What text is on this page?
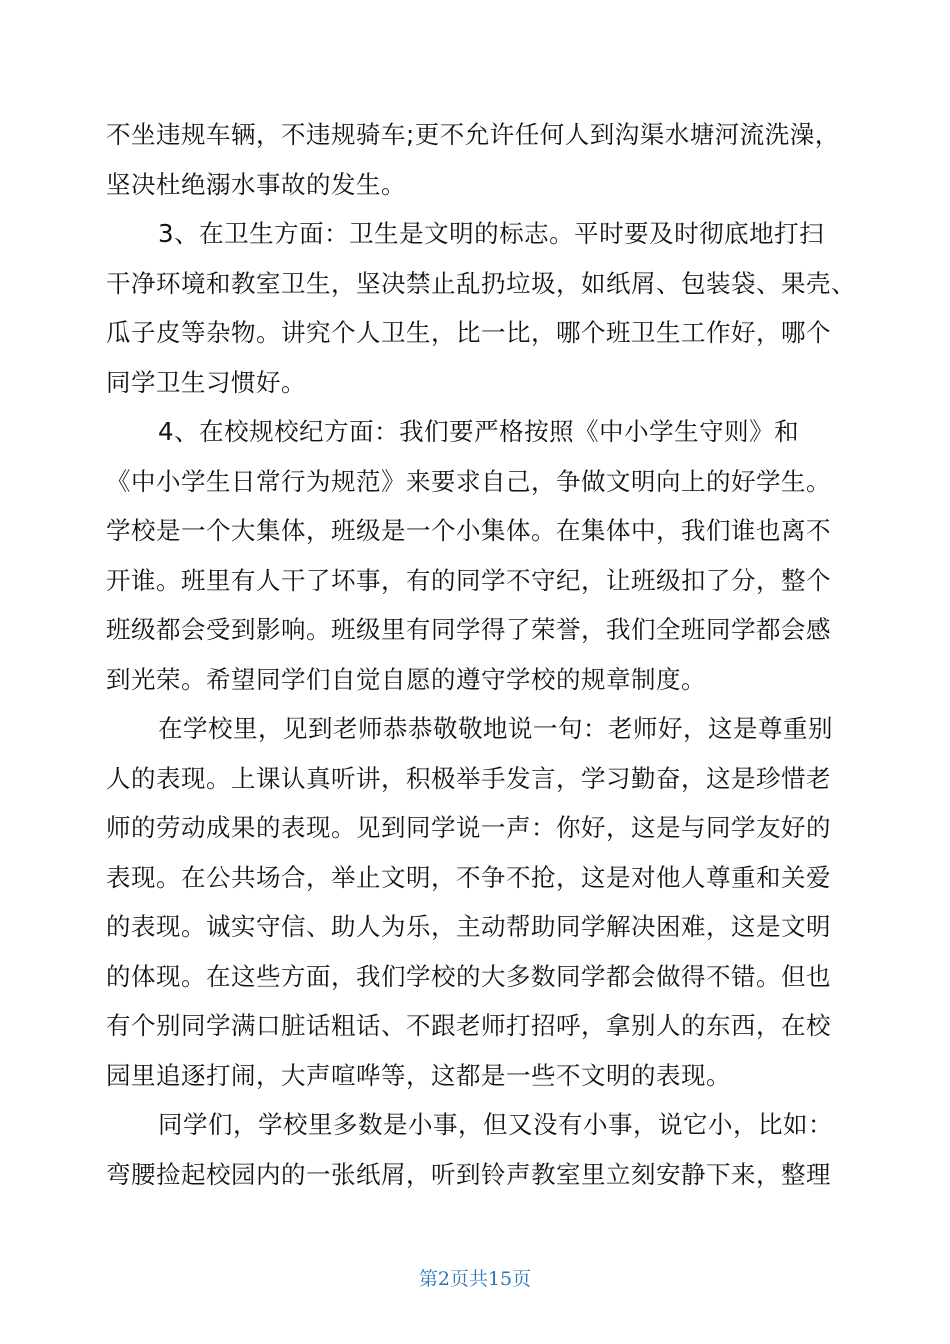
不坐违规车辆，不违规骑车;更不允许任何人到沟渠水塘河流洗澡，
坚决杜绝溺水事故的发生。
3、在卫生方面：卫生是文明的标志。平时要及时彻底地打扫
干净环境和教室卫生，坚决禁止乱扔垃圾，如纸屑、包装袋、果壳、
瓜子皮等杂物。讲究个人卫生，比一比，哪个班卫生工作好，哪个
同学卫生习惯好。
4、在校规校纪方面：我们要严格按照《中小学生守则》和
《中小学生日常行为规范》来要求自己，争做文明向上的好学生。
学校是一个大集体，班级是一个小集体。在集体中，我们谁也离不
开谁。班里有人干了坏事，有的同学不守纪，让班级扣了分，整个
班级都会受到影响。班级里有同学得了荣誉，我们全班同学都会感
到光荣。希望同学们自觉自愿的遵守学校的规章制度。
在学校里，见到老师恭恭敬敬地说一句：老师好，这是尊重别
人的表现。上课认真听讲，积极举手发言，学习勤奋，这是珍惜老
师的劳动成果的表现。见到同学说一声：你好，这是与同学友好的
表现。在公共场合，举止文明，不争不抢，这是对他人尊重和关爱
的表现。诚实守信、助人为乐，主动帮助同学解决困难，这是文明
的体现。在这些方面，我们学校的大多数同学都会做得不错。但也
有个别同学满口脏话粗话、不跟老师打招呼，拿别人的东西，在校
园里追逐打闹，大声喧哗等，这都是一些不文明的表现。
同学们，学校里多数是小事，但又没有小事，说它小，比如：
弯腰捡起校园内的一张纸屑，听到铃声教室里立刻安静下来，整理
第2页共15页
